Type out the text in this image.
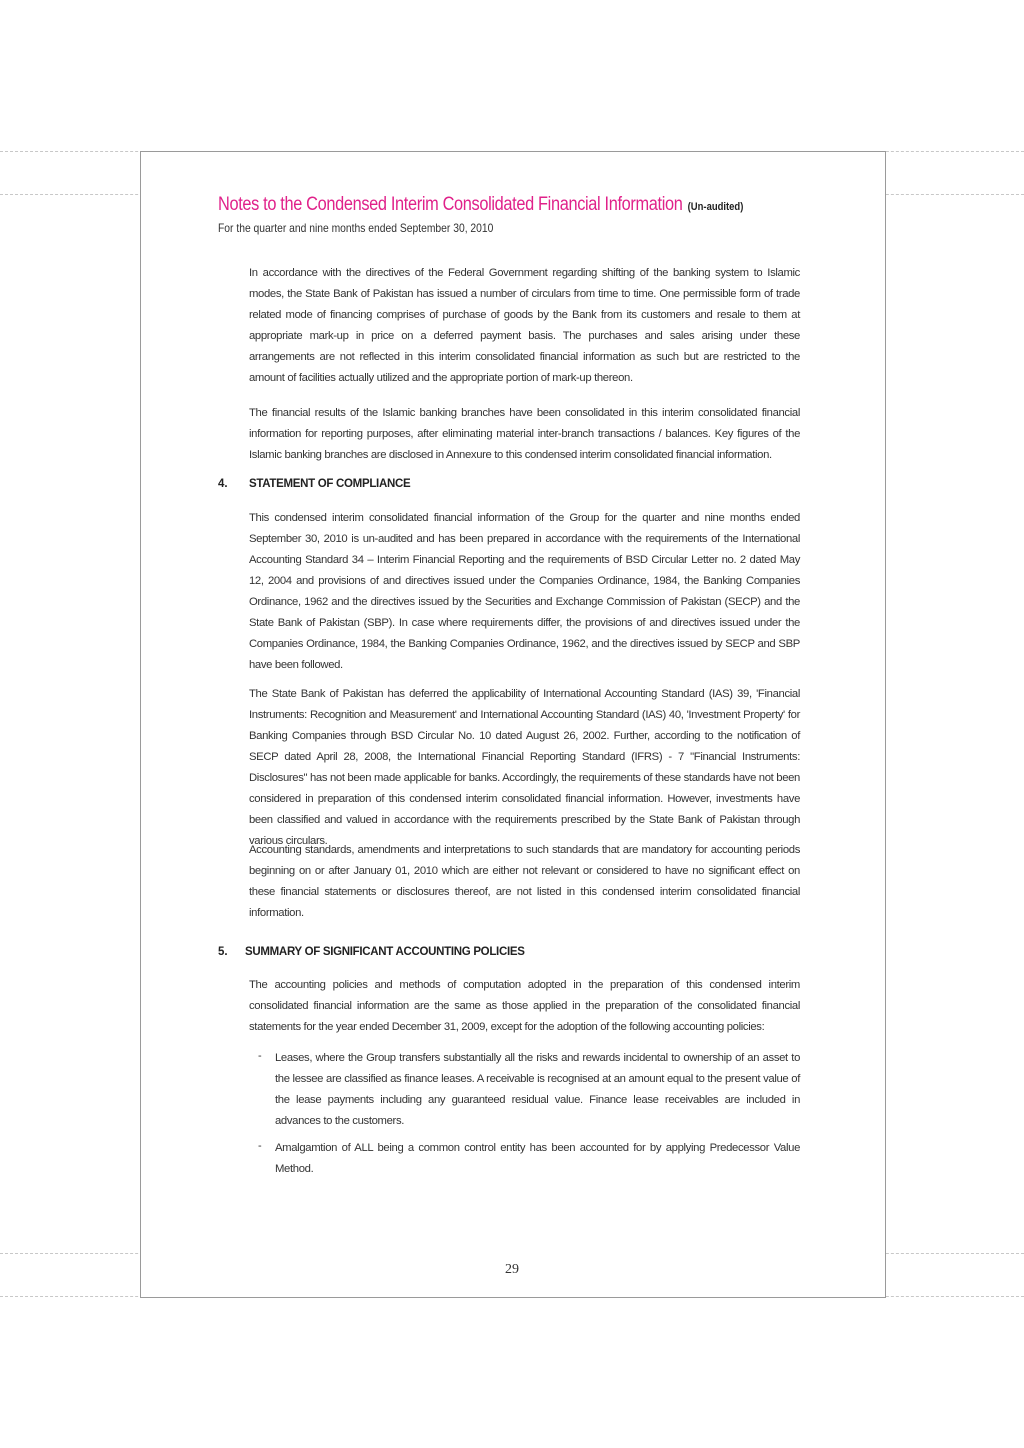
Notes to the Condensed Interim Consolidated Financial Information (Un-audited)
For the quarter and nine months ended September 30, 2010
In accordance with the directives of the Federal Government regarding shifting of the banking system to Islamic modes, the State Bank of Pakistan has issued a number of circulars from time to time. One permissible form of trade related mode of financing comprises of purchase of goods by the Bank from its customers and resale to them at appropriate mark-up in price on a deferred payment basis. The purchases and sales arising under these arrangements are not reflected in this interim consolidated financial information as such but are restricted to the amount of facilities actually utilized and the appropriate portion of mark-up thereon.
The financial results of the Islamic banking branches have been consolidated in this interim consolidated financial information for reporting purposes, after eliminating material inter-branch transactions / balances. Key figures of the Islamic banking branches are disclosed in Annexure to this condensed interim consolidated financial information.
4. STATEMENT OF COMPLIANCE
This condensed interim consolidated financial information of the Group for the quarter and nine months ended September 30, 2010 is un-audited and has been prepared in accordance with the requirements of the International Accounting Standard 34 – Interim Financial Reporting and the requirements of BSD Circular Letter no. 2 dated May 12, 2004 and provisions of and directives issued under the Companies Ordinance, 1984, the Banking Companies Ordinance, 1962 and the directives issued by the Securities and Exchange Commission of Pakistan (SECP) and the State Bank of Pakistan (SBP). In case where requirements differ, the provisions of and directives issued under the Companies Ordinance, 1984, the Banking Companies Ordinance, 1962, and the directives issued by SECP and SBP have been followed.
The State Bank of Pakistan has deferred the applicability of International Accounting Standard (IAS) 39, 'Financial Instruments: Recognition and Measurement' and International Accounting Standard (IAS) 40, 'Investment Property' for Banking Companies through BSD Circular No. 10 dated August 26, 2002. Further, according to the notification of SECP dated April 28, 2008, the International Financial Reporting Standard (IFRS) - 7 "Financial Instruments: Disclosures" has not been made applicable for banks. Accordingly, the requirements of these standards have not been considered in preparation of this condensed interim consolidated financial information. However, investments have been classified and valued in accordance with the requirements prescribed by the State Bank of Pakistan through various circulars.
Accounting standards, amendments and interpretations to such standards that are mandatory for accounting periods beginning on or after January 01, 2010 which are either not relevant or considered to have no significant effect on these financial statements or disclosures thereof, are not listed in this condensed interim consolidated financial information.
5. SUMMARY OF SIGNIFICANT ACCOUNTING POLICIES
The accounting policies and methods of computation adopted in the preparation of this condensed interim consolidated financial information are the same as those applied in the preparation of the consolidated financial statements for the year ended December 31, 2009, except for the adoption of the following accounting policies:
- Leases, where the Group transfers substantially all the risks and rewards incidental to ownership of an asset to the lessee are classified as finance leases. A receivable is recognised at an amount equal to the present value of the lease payments including any guaranteed residual value. Finance lease receivables are included in advances to the customers.
- Amalgamtion of ALL being a common control entity has been accounted for by applying Predecessor Value Method.
29
